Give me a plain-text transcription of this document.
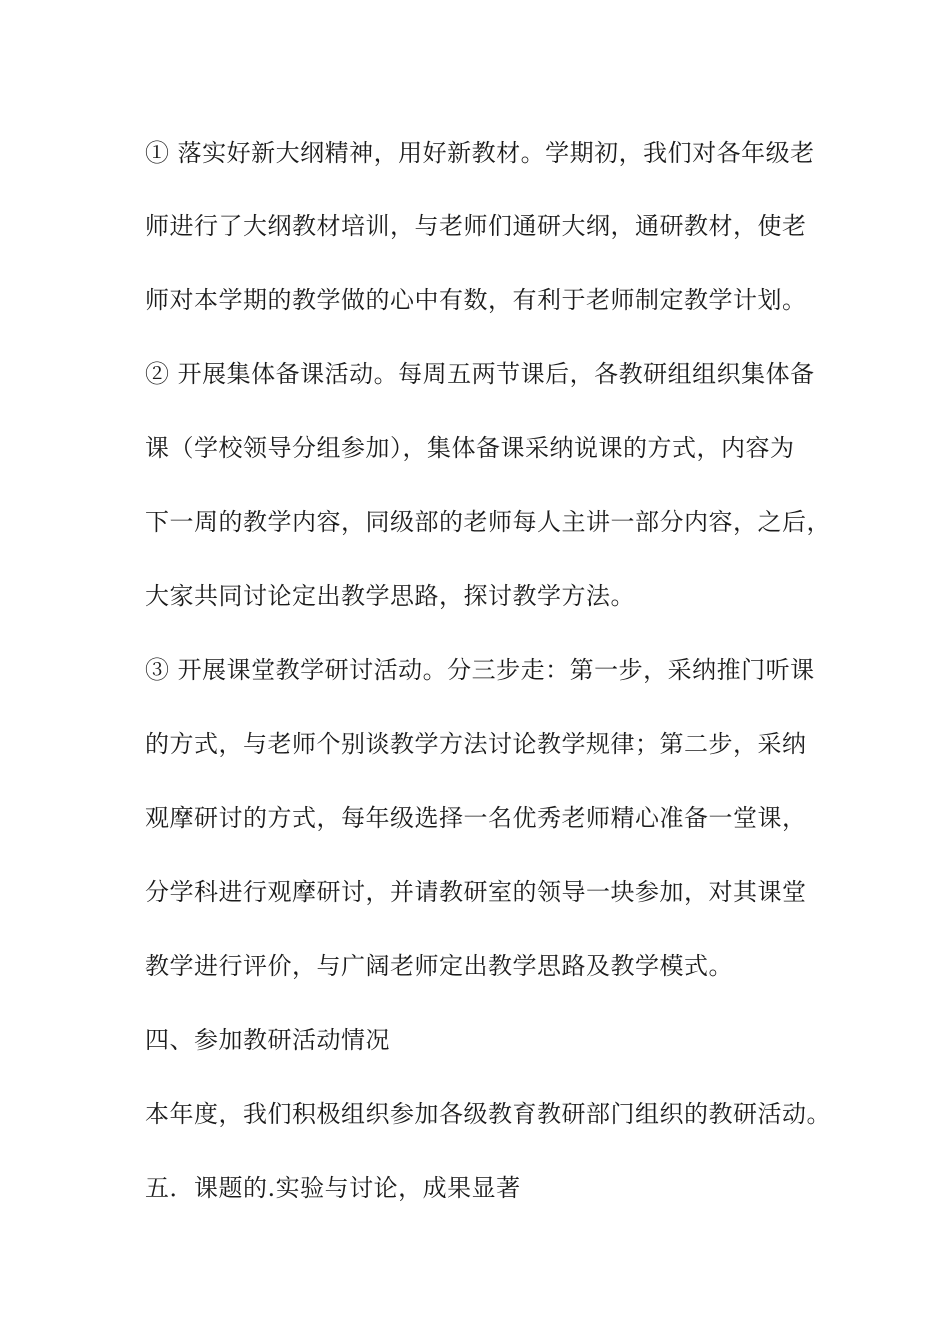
① 落实好新大纲精神，用好新教材。学期初，我们对各年级老
师进行了大纲教材培训，与老师们通研大纲，通研教材，使老
师对本学期的教学做的心中有数，有利于老师制定教学计划。
② 开展集体备课活动。每周五两节课后，各教研组组织集体备
课（学校领导分组参加），集体备课采纳说课的方式，内容为
下一周的教学内容，同级部的老师每人主讲一部分内容，之后，
大家共同讨论定出教学思路，探讨教学方法。
③ 开展课堂教学研讨活动。分三步走：第一步，采纳推门听课
的方式，与老师个别谈教学方法讨论教学规律；第二步，采纳
观摩研讨的方式，每年级选择一名优秀老师精心准备一堂课，
分学科进行观摩研讨，并请教研室的领导一块参加，对其课堂
教学进行评价，与广阔老师定出教学思路及教学模式。
四、参加教研活动情况
本年度，我们积极组织参加各级教育教研部门组织的教研活动。
五．课题的.实验与讨论，成果显著
